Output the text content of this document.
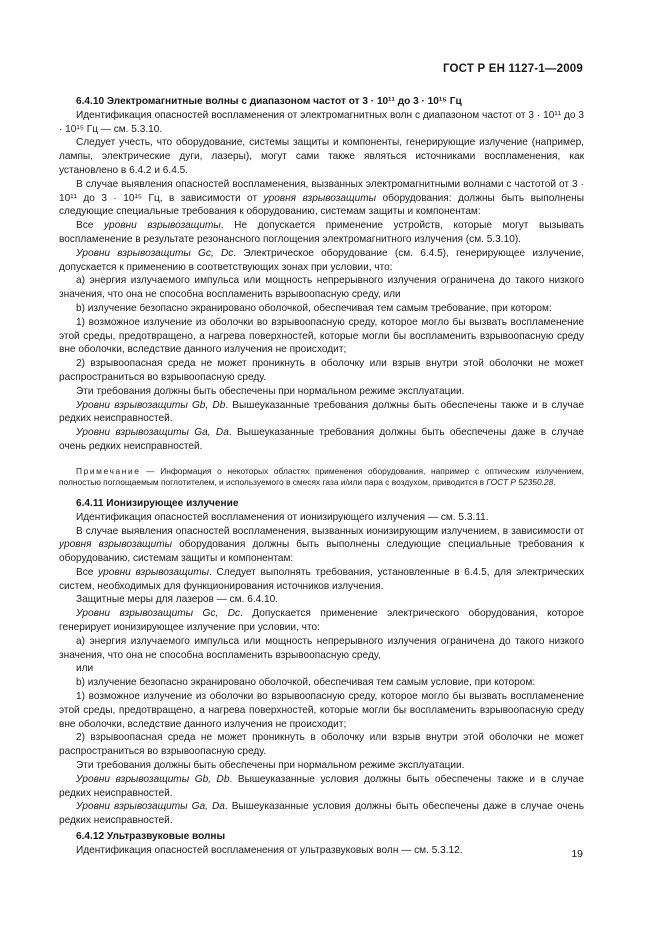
ГОСТ Р ЕН 1127-1—2009

6.4.10 Электромагнитные волны с диапазоном частот от 3 · 10¹¹ до 3 · 10¹⁵ Гц

Идентификация опасностей воспламенения от электромагнитных волн с диапазоном частот от 3 · 10¹¹ до 3 · 10¹⁵ Гц — см. 5.3.10.

Следует учесть, что оборудование, системы защиты и компоненты, генерирующие излучение (например, лампы, электрические дуги, лазеры), могут сами также являться источниками воспламенения, как установлено в 6.4.2 и 6.4.5.

В случае выявления опасностей воспламенения, вызванных электромагнитными волнами с частотой от 3 · 10¹¹ до 3 · 10¹⁵ Гц, в зависимости от уровня взрывозащиты оборудования: должны быть выполнены следующие специальные требования к оборудованию, системам защиты и компонентам:

Все уровни взрывозащиты. Не допускается применение устройств, которые могут вызывать воспламенение в результате резонансного поглощения электромагнитного излучения (см. 5.3.10).

Уровни взрывозащиты Gc, Dc. Электрическое оборудование (см. 6.4.5), генерирующее излучение, допускается к применению в соответствующих зонах при условии, что:

a) энергия излучаемого импульса или мощность непрерывного излучения ограничена до такого низкого значения, что она не способна воспламенить взрывоопасную среду, или

b) излучение безопасно экранировано оболочкой, обеспечивая тем самым требование, при котором:

1) возможное излучение из оболочки во взрывоопасную среду, которое могло бы вызвать воспламенение этой среды, предотвращено, а нагрева поверхностей, которые могли бы воспламенить взрывоопасную среду вне оболочки, вследствие данного излучения не происходит;

2) взрывоопасная среда не может проникнуть в оболочку или взрыв внутри этой оболочки не может распространиться во взрывоопасную среду.

Эти требования должны быть обеспечены при нормальном режиме эксплуатации.

Уровни взрывозащиты Gb, Db. Вышеуказанные требования должны быть обеспечены также и в случае редких неисправностей.

Уровни взрывозащиты Ga, Da. Вышеуказанные требования должны быть обеспечены даже в случае очень редких неисправностей.

Примечание — Информация о некоторых областях применения оборудования, например с оптическим излучением, полностью поглощаемым поглотителем, и используемого в смесях газа и/или пара с воздухом, приводится в ГОСТ Р 52350.28.

6.4.11 Ионизирующее излучение

Идентификация опасностей воспламенения от ионизирующего излучения — см. 5.3.11.

В случае выявления опасностей воспламенения, вызванных ионизирующим излучением, в зависимости от уровня взрывозащиты оборудования должны быть выполнены следующие специальные требования к оборудованию, системам защиты и компонентам:

Все уровни взрывозащиты. Следует выполнять требования, установленные в 6.4.5, для электрических систем, необходимых для функционирования источников излучения.

Защитные меры для лазеров — см. 6.4.10.

Уровни взрывозащиты Gc, Dc. Допускается применение электрического оборудования, которое генерирует ионизирующее излучение при условии, что:

a) энергия излучаемого импульса или мощность непрерывного излучения ограничена до такого низкого значения, что она не способна воспламенить взрывоопасную среду,

или

b) излучение безопасно экранировано оболочкой, обеспечивая тем самым условие, при котором:

1) возможное излучение из оболочки во взрывоопасную среду, которое могло бы вызвать воспламенение этой среды, предотвращено, а нагрева поверхностей, которые могли бы воспламенить взрывоопасную среду вне оболочки, вследствие данного излучения не происходит;

2) взрывоопасная среда не может проникнуть в оболочку или взрыв внутри этой оболочки не может распространиться во взрывоопасную среду.

Эти требования должны быть обеспечены при нормальном режиме эксплуатации.

Уровни взрывозащиты Gb, Db. Вышеуказанные условия должны быть обеспечены также и в случае редких неисправностей.

Уровни взрывозащиты Ga, Da. Вышеуказанные условия должны быть обеспечены даже в случае очень редких неисправностей.

6.4.12 Ультразвуковые волны

Идентификация опасностей воспламенения от ультразвуковых волн — см. 5.3.12.	19
